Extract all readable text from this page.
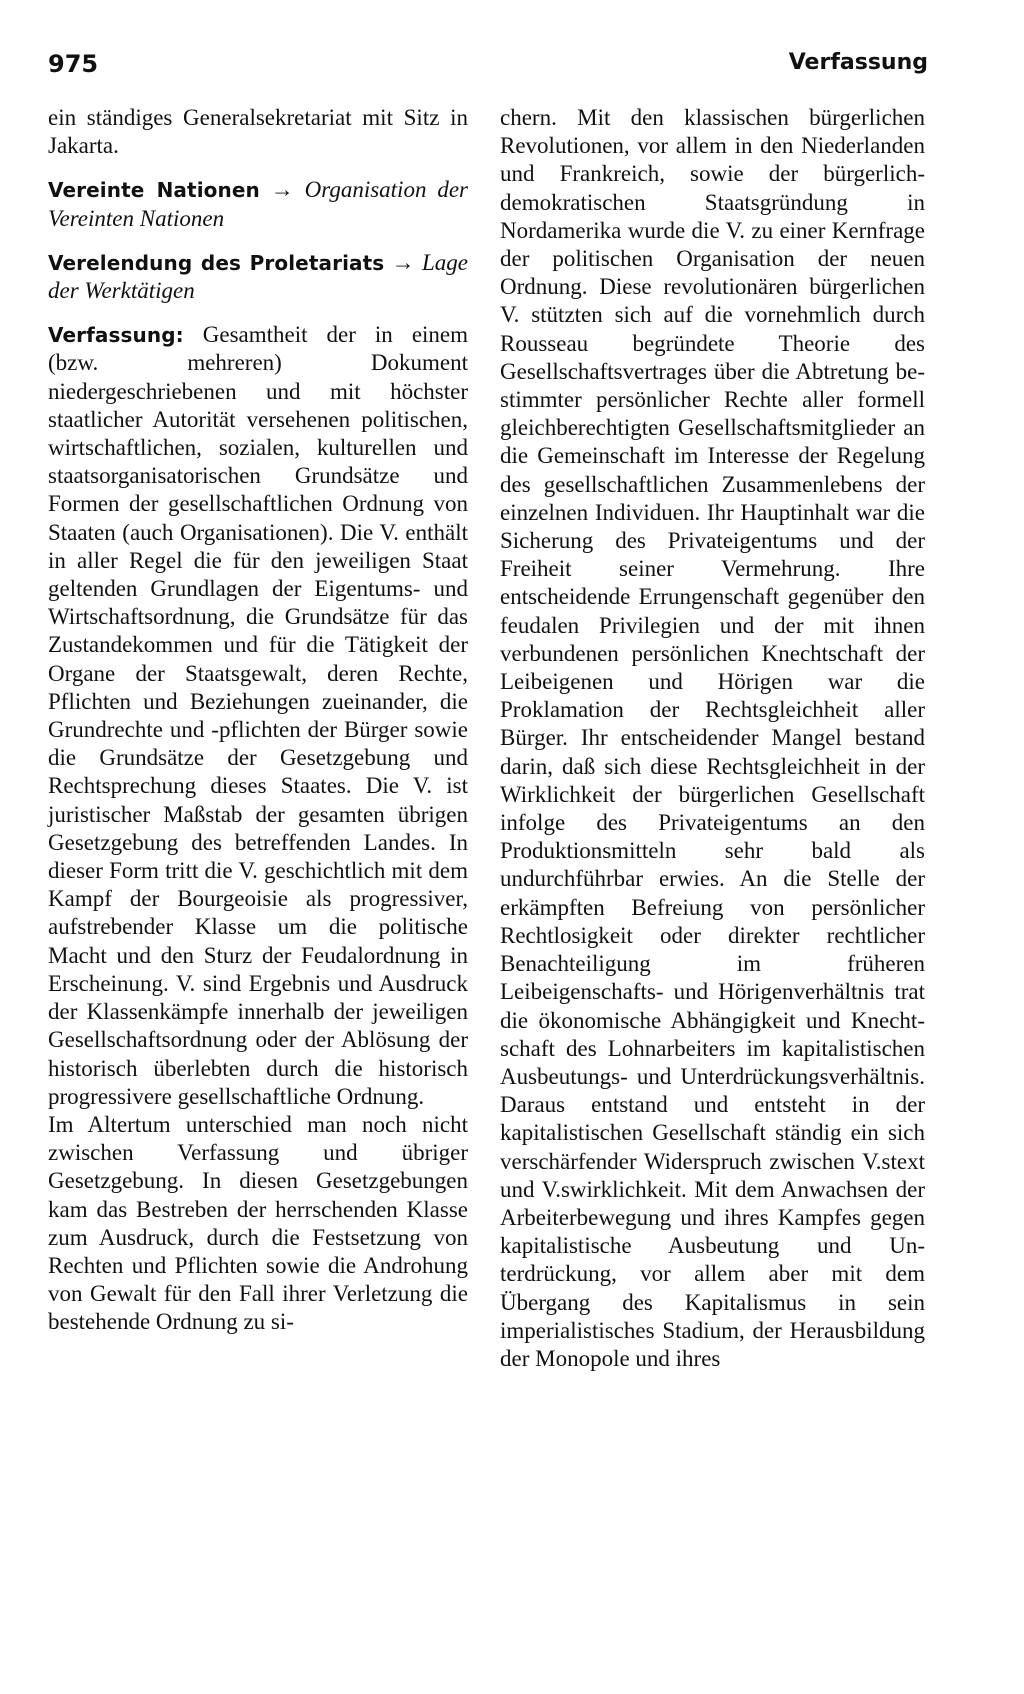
975	Verfassung

ein ständiges Generalsekretariat mit Sitz in Jakarta.

Vereinte Nationen → Organisation der Vereinten Nationen

Verelendung des Proletariats → Lage der Werktätigen

Verfassung: Gesamtheit der in einem (bzw. mehreren) Dokument niedergeschriebenen und mit höchster staatlicher Autorität versehenen politischen, wirtschaftlichen, sozialen, kulturellen und staatsorganisatorischen Grundsätze und Formen der gesellschaftlichen Ordnung von Staaten (auch Organisationen). Die V. enthält in aller Regel die für den jeweiligen Staat geltenden Grundlagen der Eigentums- und Wirtschaftsordnung, die Grundsätze für das Zustandekommen und für die Tätigkeit der Organe der Staatsgewalt, deren Rechte, Pflichten und Beziehungen zueinander, die Grundrechte und -pflichten der Bürger sowie die Grundsätze der Gesetzgebung und Rechtsprechung dieses Staates. Die V. ist juristischer Maßstab der gesamten übrigen Gesetzgebung des betreffenden Landes. In dieser Form tritt die V. geschichtlich mit dem Kampf der Bourgeoisie als progressiver, aufstrebender Klasse um die politische Macht und den Sturz der Feudalordnung in Erscheinung. V. sind Ergebnis und Ausdruck der Klassenkämpfe innerhalb der jeweiligen Gesellschaftsordnung oder der Ablösung der historisch überlebten durch die historisch progressivere gesellschaftliche Ordnung.

Im Altertum unterschied man noch nicht zwischen Verfassung und übriger Gesetzgebung. In diesen Gesetzgebungen kam das Bestreben der herrschenden Klasse zum Ausdruck, durch die Festsetzung von Rechten und Pflichten sowie die Androhung von Gewalt für den Fall ihrer Verletzung die bestehende Ordnung zu si-

chern. Mit den klassischen bürgerlichen Revolutionen, vor allem in den Niederlanden und Frankreich, sowie der bürgerlich-demokratischen Staatsgründung in Nordamerika wurde die V. zu einer Kernfrage der politischen Organisation der neuen Ordnung. Diese revolutionären bürgerlichen V. stützten sich auf die vornehmlich durch Rousseau begründete Theorie des Gesellschaftsvertrages über die Abtretung bestimmter persönlicher Rechte aller formell gleichberechtigten Gesellschaftsmitglieder an die Gemeinschaft im Interesse der Regelung des gesellschaftlichen Zusammenlebens der einzelnen Individuen. Ihr Hauptinhalt war die Sicherung des Privateigentums und der Freiheit seiner Vermehrung. Ihre entscheidende Errungenschaft gegenüber den feudalen Privilegien und der mit ihnen verbundenen persönlichen Knechtschaft der Leibeigenen und Hörigen war die Proklamation der Rechtsgleichheit aller Bürger. Ihr entscheidender Mangel bestand darin, daß sich diese Rechtsgleichheit in der Wirklichkeit der bürgerlichen Gesellschaft infolge des Privateigentums an den Produktionsmitteln sehr bald als undurchführbar erwies. An die Stelle der erkämpften Befreiung von persönlicher Rechtlosigkeit oder direkter rechtlicher Benachteiligung im früheren Leibeigenschafts- und Hörigenverhältnis trat die ökonomische Abhängigkeit und Knechtschaft des Lohnarbeiters im kapitalistischen Ausbeutungs- und Unterdrückungsverhältnis. Daraus entstand und entsteht in der kapitalistischen Gesellschaft ständig ein sich verschärfender Widerspruch zwischen V.stext und V.swirklichkeit. Mit dem Anwachsen der Arbeiterbewegung und ihres Kampfes gegen kapitalistische Ausbeutung und Unterdrückung, vor allem aber mit dem Übergang des Kapitalismus in sein imperialistisches Stadium, der Herausbildung der Monopole und ihres
